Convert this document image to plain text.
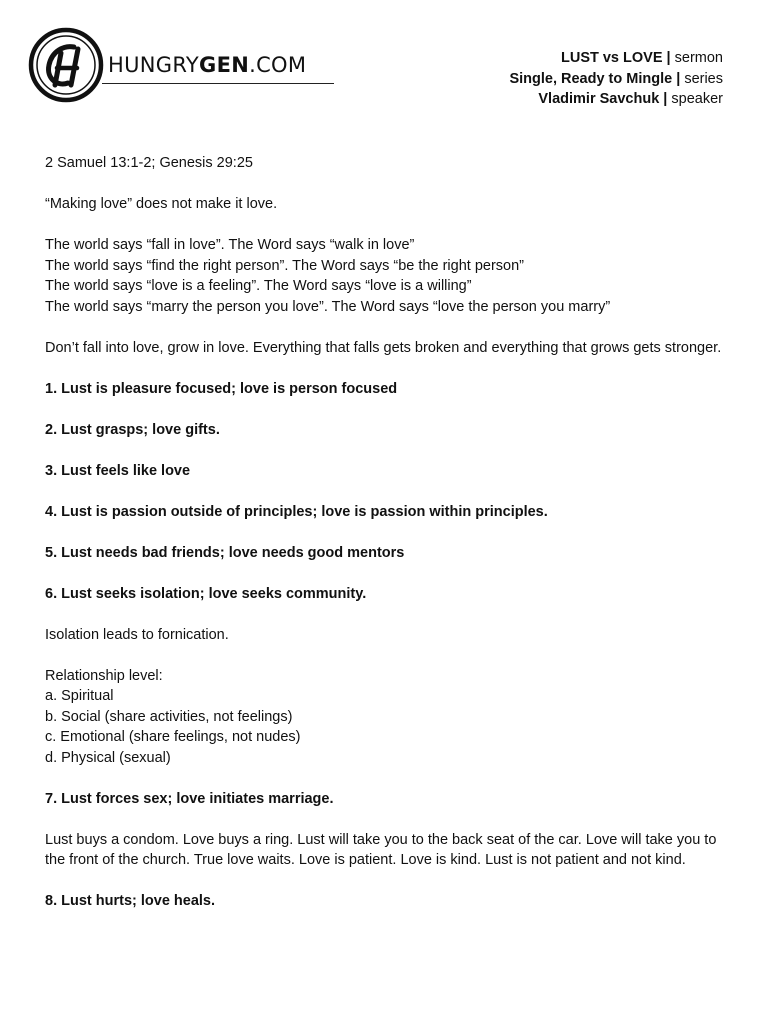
HUNGRYGEN.COM	LUST vs LOVE | sermon
Single, Ready to Mingle | series
Vladimir Savchuk | speaker

2 Samuel 13:1-2; Genesis 29:25

“Making love” does not make it love.

The world says “fall in love”. The Word says “walk in love”

The world says “find the right person”. The Word says “be the right person”

The world says “love is a feeling”. The Word says “love is a willing”

The world says “marry the person you love”. The Word says “love the person you marry”

Don’t fall into love, grow in love. Everything that falls gets broken and everything that grows gets stronger.

1. Lust is pleasure focused; love is person focused

2. Lust grasps; love gifts.

3. Lust feels like love

4. Lust is passion outside of principles; love is passion within principles.

5. Lust needs bad friends; love needs good mentors

6. Lust seeks isolation; love seeks community.

Isolation leads to fornication.

Relationship level:

a. Spiritual

b. Social (share activities, not feelings)

c. Emotional (share feelings, not nudes)

d. Physical (sexual)

7. Lust forces sex; love initiates marriage.

Lust buys a condom. Love buys a ring. Lust will take you to the back seat of the car. Love will take you to the front of the church. True love waits. Love is patient. Love is kind. Lust is not patient and not kind.

8. Lust hurts; love heals.
